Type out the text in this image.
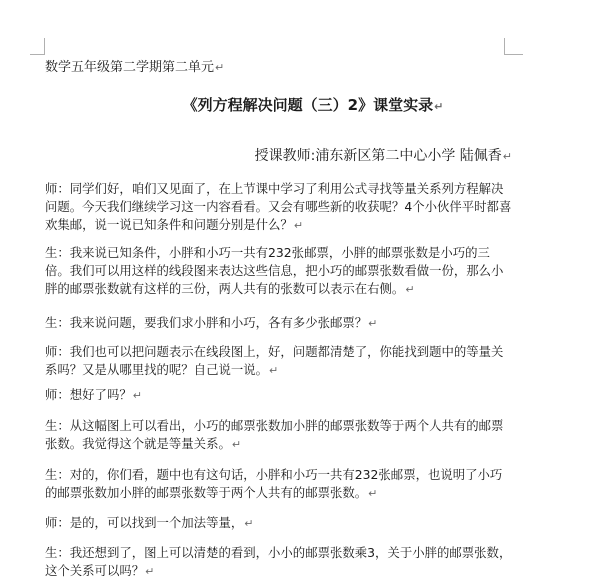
数学五年级第二学期第二单元↵
《列方程解决问题（三）2》课堂实录↵
授课教师:浦东新区第二中心小学 陆佩香↵
师：同学们好，咱们又见面了，在上节课中学习了利用公式寻找等量关系列方程解决问题。今天我们继续学习这一内容看看。又会有哪些新的收获呢？4个小伙伴平时都喜欢集邮，说一说已知条件和问题分别是什么？↵
生：我来说已知条件，小胖和小巧一共有232张邮票，小胖的邮票张数是小巧的三倍。我们可以用这样的线段图来表达这些信息，把小巧的邮票张数看做一份，那么小胖的邮票张数就有这样的三份，两人共有的张数可以表示在右侧。↵
生：我来说问题，要我们求小胖和小巧，各有多少张邮票？↵
师：我们也可以把问题表示在线段图上，好，问题都清楚了，你能找到题中的等量关系吗？又是从哪里找的呢？自己说一说。↵
师：想好了吗？↵
生：从这幅图上可以看出，小巧的邮票张数加小胖的邮票张数等于两个人共有的邮票张数。我觉得这个就是等量关系。↵
生：对的，你们看，题中也有这句话，小胖和小巧一共有232张邮票，也说明了小巧的邮票张数加小胖的邮票张数等于两个人共有的邮票张数。↵
师：是的，可以找到一个加法等量，↵
生：我还想到了，图上可以清楚的看到，小小的邮票张数乘3，关于小胖的邮票张数，这个关系可以吗？↵
